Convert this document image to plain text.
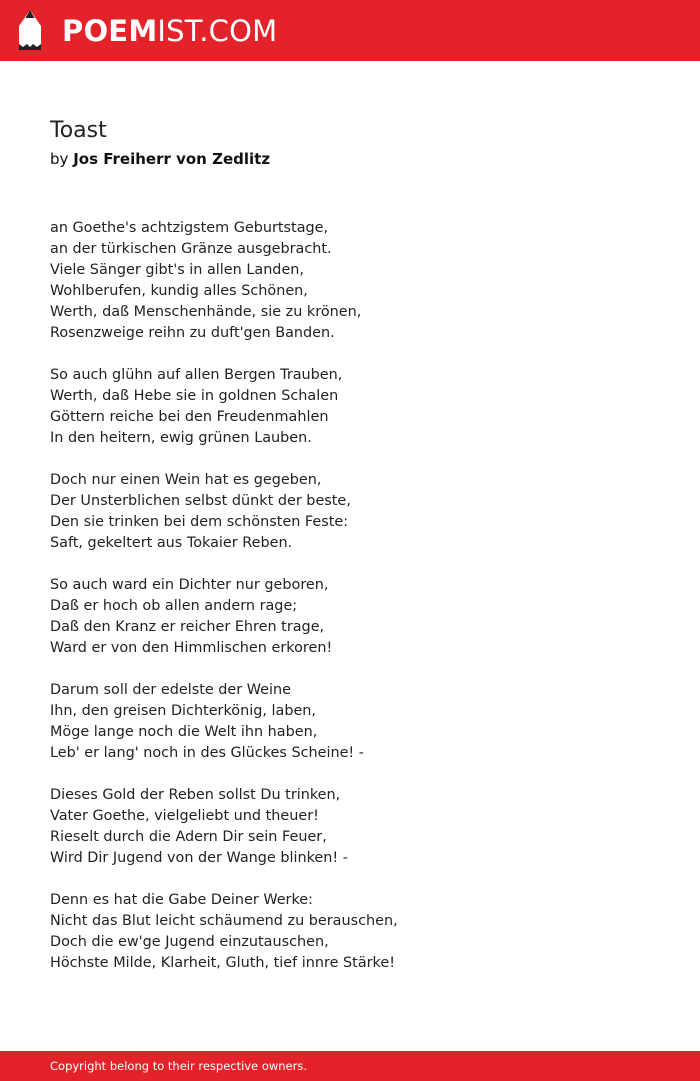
POEMIST.COM
Toast
by Jos Freiherr von Zedlitz
an Goethe's achtzigstem Geburtstage,
an der türkischen Gränze ausgebracht.
Viele Sänger gibt's in allen Landen,
Wohlberufen, kundig alles Schönen,
Werth, daß Menschenhände, sie zu krönen,
Rosenzweige reihn zu duft'gen Banden.
So auch glühn auf allen Bergen Trauben,
Werth, daß Hebe sie in goldnen Schalen
Göttern reiche bei den Freudenmahlen
In den heitern, ewig grünen Lauben.
Doch nur einen Wein hat es gegeben,
Der Unsterblichen selbst dünkt der beste,
Den sie trinken bei dem schönsten Feste:
Saft, gekeltert aus Tokaier Reben.
So auch ward ein Dichter nur geboren,
Daß er hoch ob allen andern rage;
Daß den Kranz er reicher Ehren trage,
Ward er von den Himmlischen erkoren!
Darum soll der edelste der Weine
Ihn, den greisen Dichterkönig, laben,
Möge lange noch die Welt ihn haben,
Leb' er lang' noch in des Glückes Scheine! -
Dieses Gold der Reben sollst Du trinken,
Vater Goethe, vielgeliebt und theuer!
Rieselt durch die Adern Dir sein Feuer,
Wird Dir Jugend von der Wange blinken! -
Denn es hat die Gabe Deiner Werke:
Nicht das Blut leicht schäumend zu berauschen,
Doch die ew'ge Jugend einzutauschen,
Höchste Milde, Klarheit, Gluth, tief innre Stärke!
Copyright belong to their respective owners.
